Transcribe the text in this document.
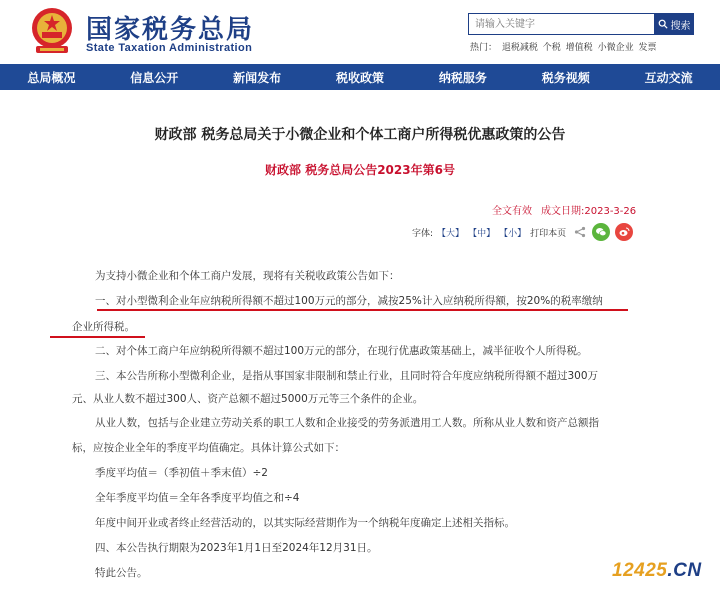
国家税务总局
State Taxation Administration
请输入关键字
搜索
热门： 退税减税 个税 增值税 小微企业 发票
总局概况	信息公开	新闻发布	税收政策	纳税服务	税务视频	互动交流
财政部 税务总局关于小微企业和个体工商户所得税优惠政策的公告
财政部 税务总局公告2023年第6号
全文有效 成文日期:2023-3-26
字体: 【大】 【中】 【小】 打印本页
为支持小微企业和个体工商户发展，现将有关税收政策公告如下：
一、对小型微利企业年应纳税所得额不超过100万元的部分，减按25%计入应纳税所得额，按20%的税率缴纳
企业所得税。
二、对个体工商户年应纳税所得额不超过100万元的部分，在现行优惠政策基础上，减半征收个人所得税。
三、本公告所称小型微利企业，是指从事国家非限制和禁止行业，且同时符合年度应纳税所得额不超过300万
元、从业人数不超过300人、资产总额不超过5000万元等三个条件的企业。
从业人数，包括与企业建立劳动关系的职工人数和企业接受的劳务派遣用工人数。所称从业人数和资产总额指
标，应按企业全年的季度平均值确定。具体计算公式如下：
季度平均值＝（季初值＋季末值）÷2
全年季度平均值＝全年各季度平均值之和÷4
年度中间开业或者终止经营活动的，以其实际经营期作为一个纳税年度确定上述相关指标。
四、本公告执行期限为2023年1月1日至2024年12月31日。
特此公告。	12425.CN
